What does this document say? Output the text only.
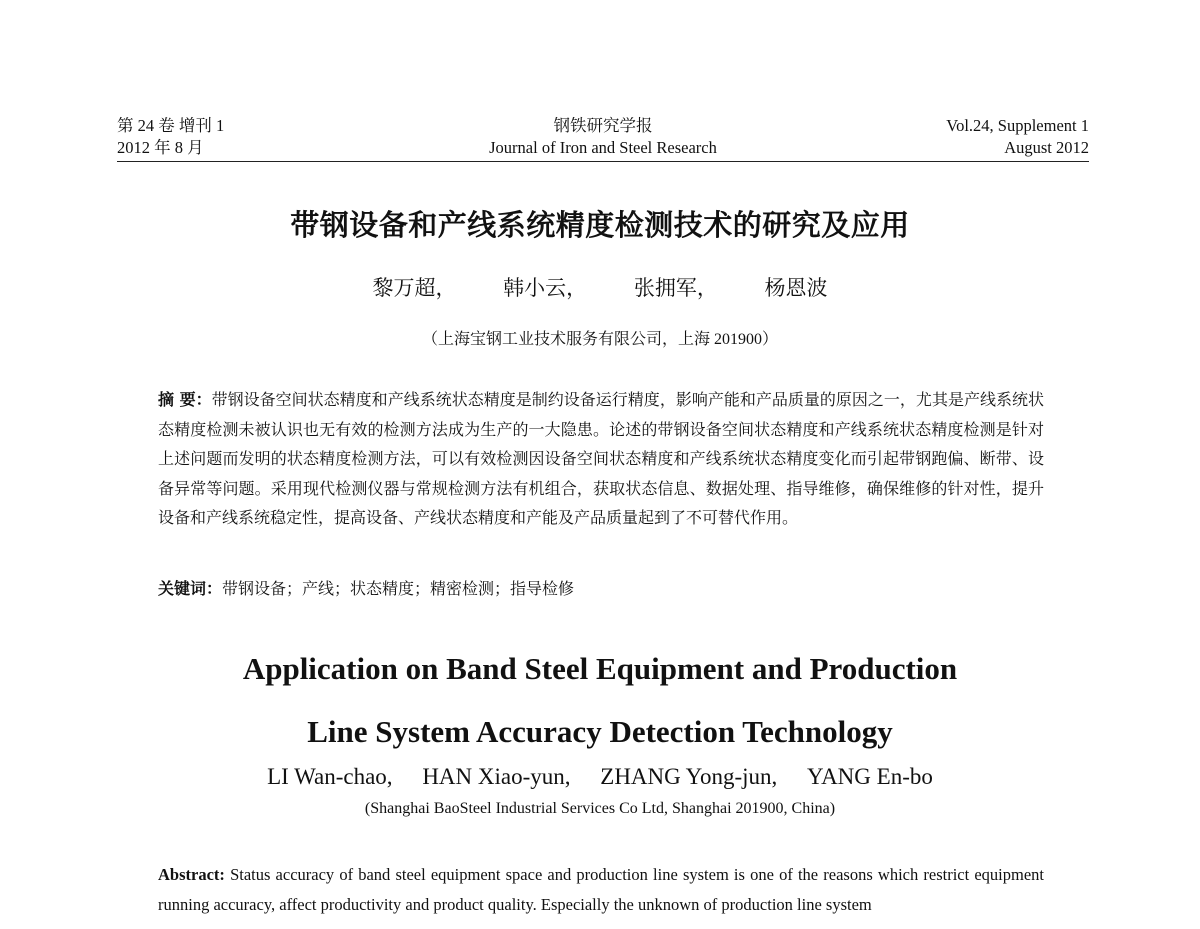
第 24 卷 增刊 1
2012 年 8 月
钢铁研究学报
Journal of Iron and Steel Research
Vol.24, Supplement 1
August 2012
带钢设备和产线系统精度检测技术的研究及应用
黎万超， 韩小云， 张拥军， 杨恩波
（上海宝钢工业技术服务有限公司，上海 201900）
摘 要：带钢设备空间状态精度和产线系统状态精度是制约设备运行精度，影响产能和产品质量的原因之一，尤其是产线系统状态精度检测未被认识也无有效的检测方法成为生产的一大隐患。论述的带钢设备空间状态精度和产线系统状态精度检测是针对上述问题而发明的状态精度检测方法，可以有效检测因设备空间状态精度和产线系统状态精度变化而引起带钢跑偏、断带、设备异常等问题。采用现代检测仪器与常规检测方法有机组合，获取状态信息、数据处理、指导维修，确保维修的针对性，提升设备和产线系统稳定性，提高设备、产线状态精度和产能及产品质量起到了不可替代作用。
关键词：带钢设备；产线；状态精度；精密检测；指导检修
Application on Band Steel Equipment and Production
Line System Accuracy Detection Technology
LI Wan-chao, HAN Xiao-yun, ZHANG Yong-jun, YANG En-bo
(Shanghai BaoSteel Industrial Services Co Ltd, Shanghai 201900, China)
Abstract: Status accuracy of band steel equipment space and production line system is one of the reasons which restrict equipment running accuracy, affect productivity and product quality. Especially the unknown of production line system
